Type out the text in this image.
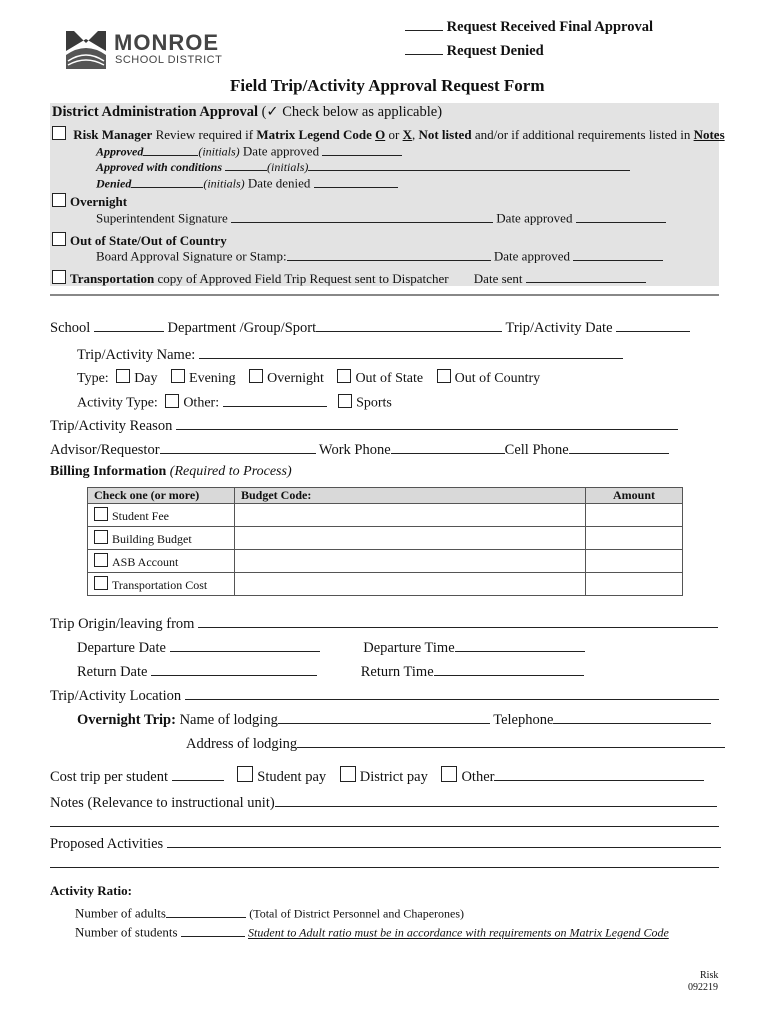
MONROE
SCHOOL DISTRICT
Request Received Final Approval
Request Denied
Field Trip/Activity Approval Request Form
District Administration Approval (✓ Check below as applicable)
Risk Manager Review required if Matrix Legend Code O or X, Not listed and/or if additional requirements listed in Notes
Approved	(initials) Date approved
Approved with conditions	(initials)
Denied	(initials) Date denied
Overnight
Superintendent Signature	Date approved
Out of State/Out of Country
Board Approval Signature or Stamp:	Date approved
Transportation copy of Approved Field Trip Request sent to Dispatcher Date sent
School	Department /Group/Sport	Trip/Activity Date
Trip/Activity Name:
Type: Day Evening Overnight Out of State Out of Country
Activity Type: Other:	Sports
Trip/Activity Reason
Advisor/Requestor	Work Phone	Cell Phone
Billing Information (Required to Process)
Check one (or more)	Budget Code:	Amount
Student Fee		
Building Budget		
ASB Account		
Transportation Cost		
Trip Origin/leaving from
Departure Date	Departure Time
Return Date	Return Time
Trip/Activity Location
Overnight Trip: Name of lodging	Telephone
Address of lodging
Cost trip per student	Student pay District pay Other
Notes (Relevance to instructional unit)
Proposed Activities
Activity Ratio:
Number of adults	(Total of District Personnel and Chaperones)
Number of students	Student to Adult ratio must be in accordance with requirements on Matrix Legend Code
Risk
092219
